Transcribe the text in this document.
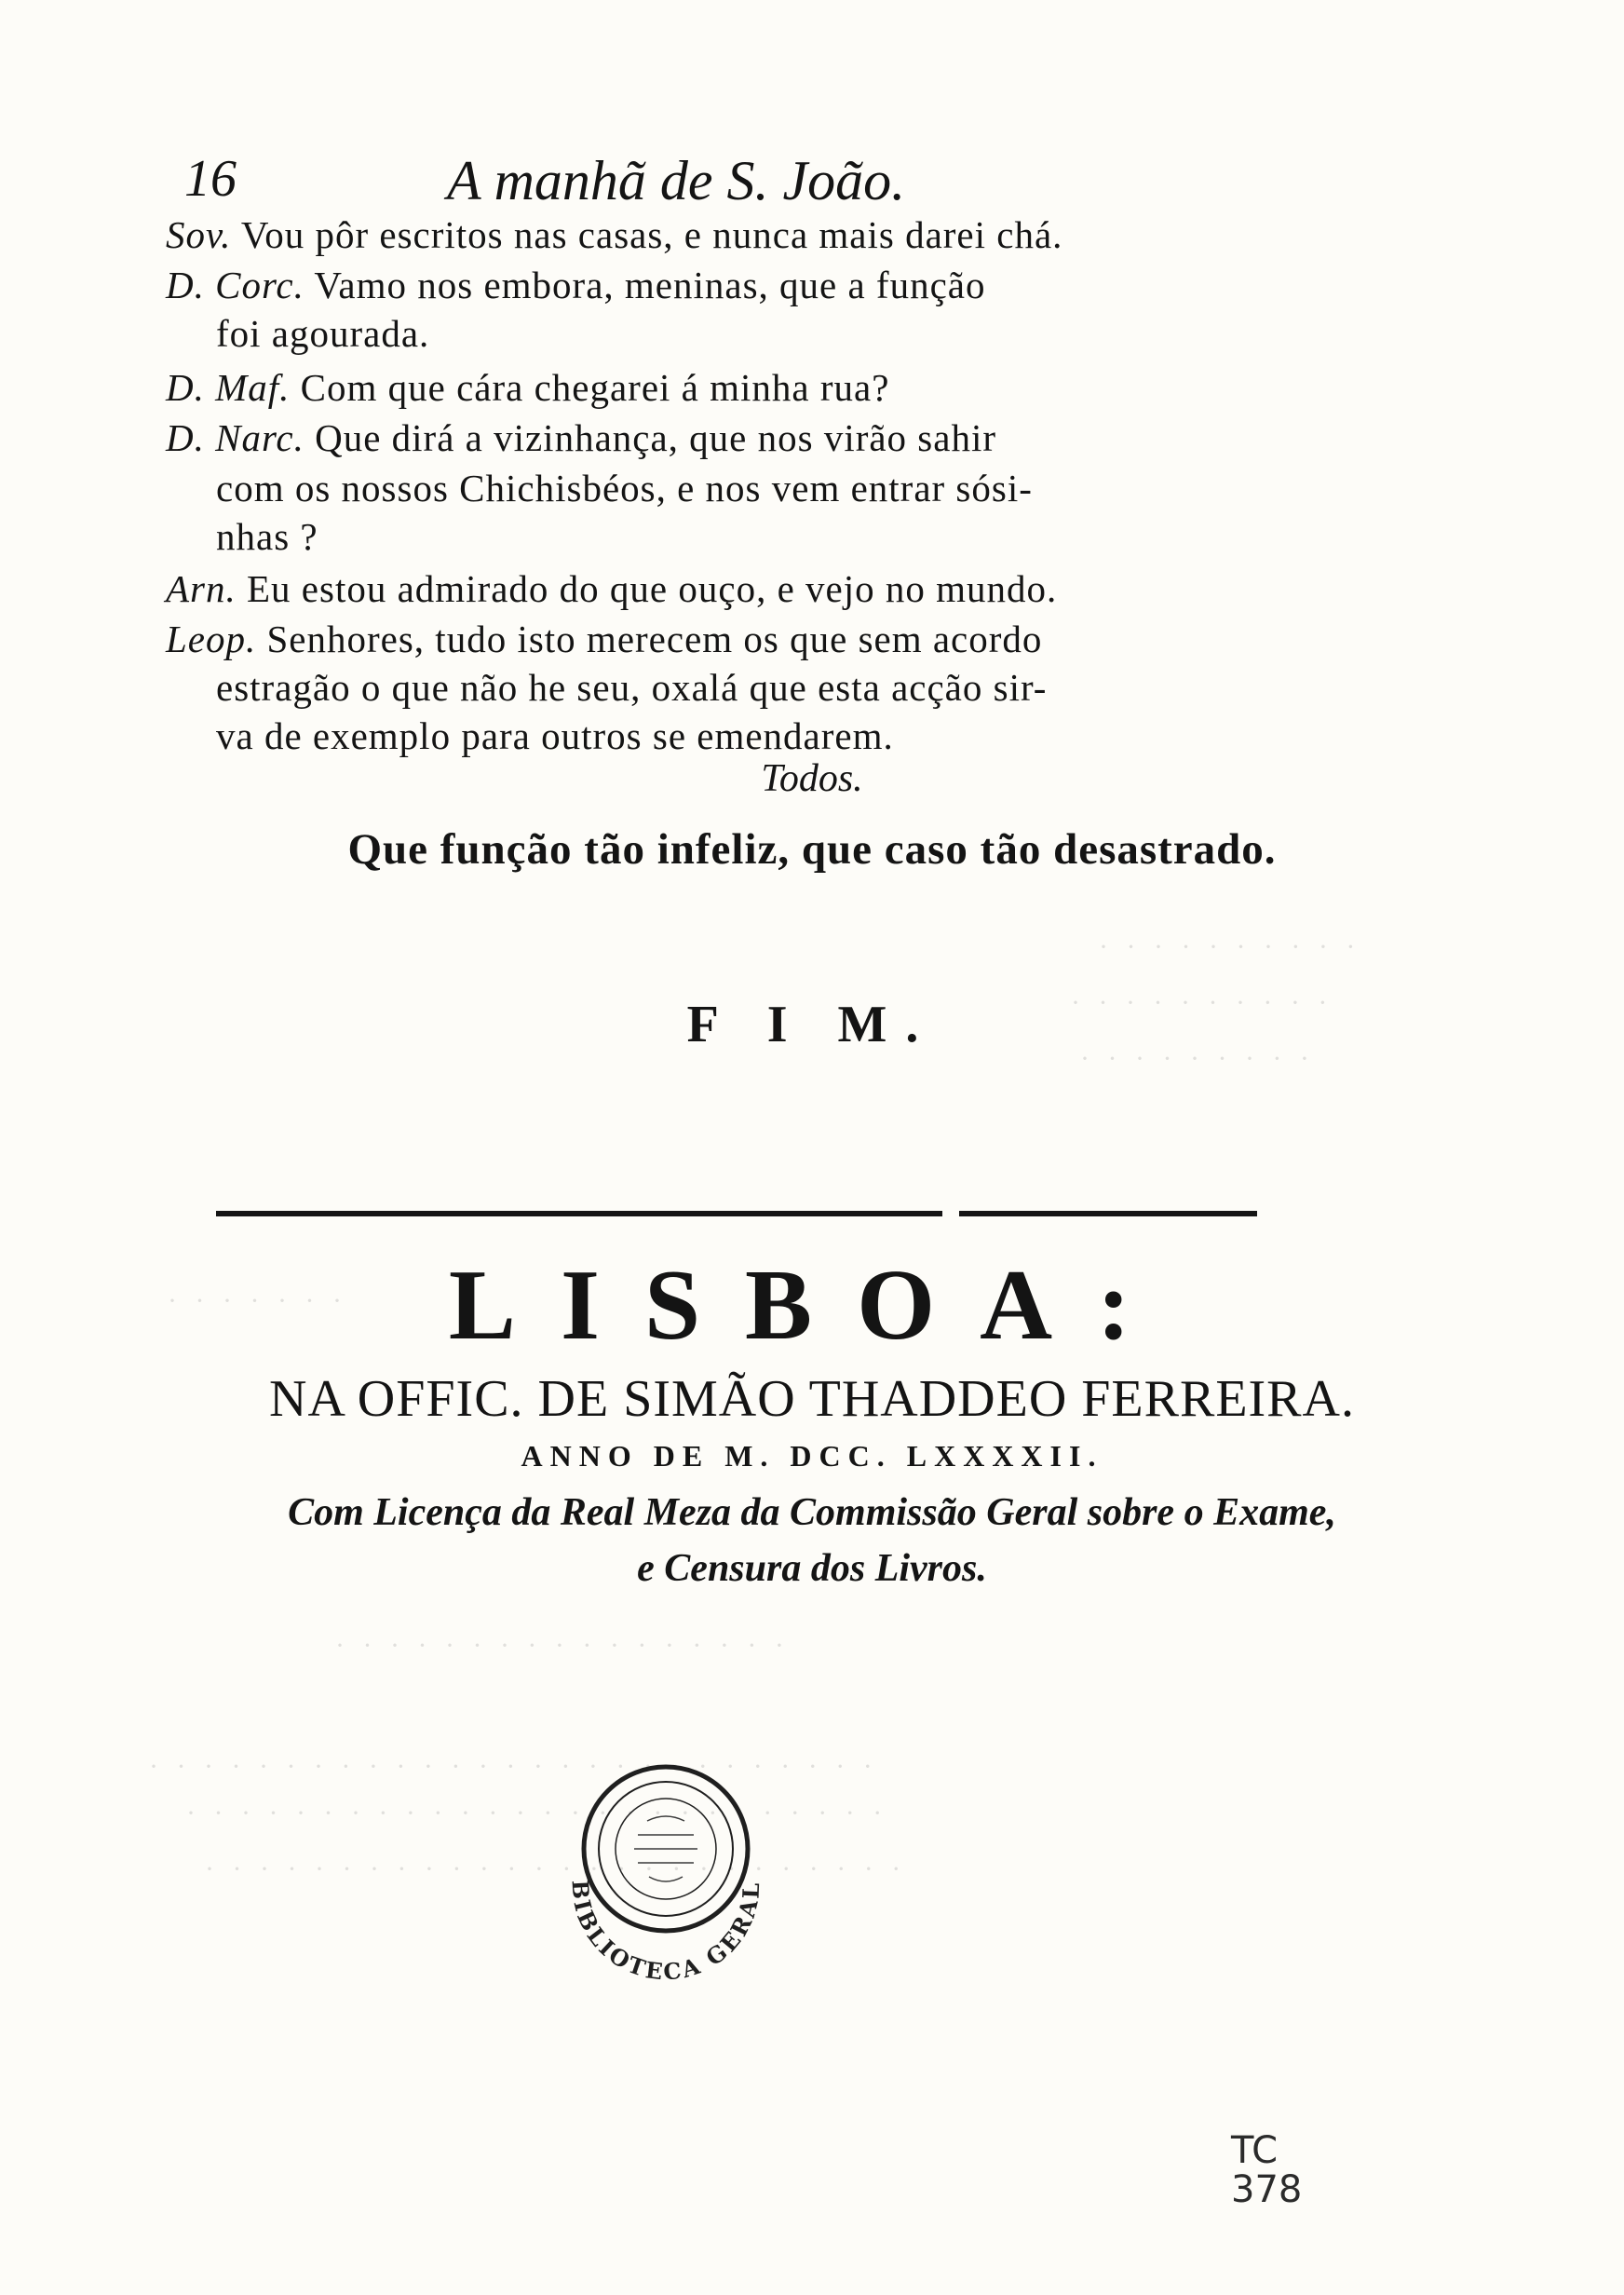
· · · · · · · · · ·
· · · · · · · · · ·
· · · · · · · · ·
· · · · · · ·
· · · · · · · · · · · · · · · · ·
· · · · · · · · · · · · · · · · · · · · · · · · · · ·
· · · · · · · · · · · · · · · · · · · · · · · · · ·
· · · · · · · · · · · · · · · · · · · · · · · · · ·
16	A manhã de S. João.
Sov. Vou pôr escritos nas casas, e nunca mais darei chá.
D. Corc. Vamo nos embora, meninas, que a função
foi agourada.
D. Maf. Com que cára chegarei á minha rua?
D. Narc. Que dirá a vizinhança, que nos virão sahir
com os nossos Chichisbéos, e nos vem entrar sósi-
nhas ?
Arn. Eu estou admirado do que ouço, e vejo no mundo.
Leop. Senhores, tudo isto merecem os que sem acordo
estragão o que não he seu, oxalá que esta acção sir-
va de exemplo para outros se emendarem.
Todos.
Que função tão infeliz, que caso tão desastrado.
F I M.
LISBOA:
NA OFFIC. DE SIMÃO THADDEO FERREIRA.
ANNO DE M. DCC. LXXXXII.
Com Licença da Real Meza da Commissão Geral sobre o Exame,
e Censura dos Livros.
BIBLIOTECA GERAL
TC
378
